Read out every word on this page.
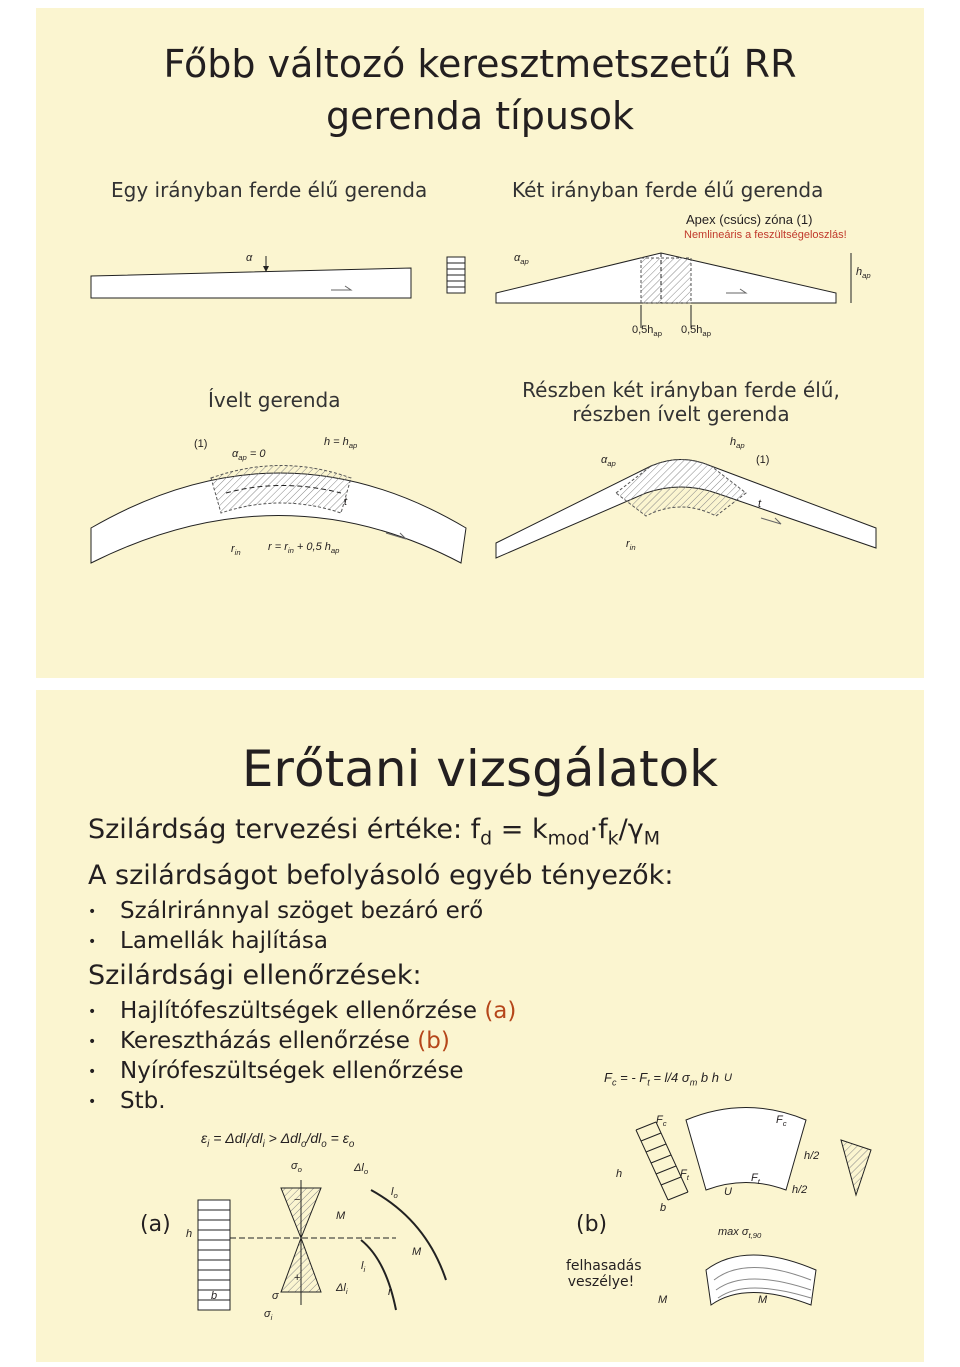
Főbb változó keresztmetszetű RR
gerenda típusok
Egy irányban ferde élű gerenda	Két irányban ferde élű gerenda
Apex (csúcs) zóna (1)
Nemlineáris a feszültségeloszlás!
α	$\alpha_{ap}$
$h_{ap}$
$0,5h_{ap}$ $0,5h_{ap}$
Ívelt gerenda	Részben két irányban ferde élű,
részben ívelt gerenda
(1)
$\alpha_{ap} = 0$
$h = h_{ap}$
$r_{in}$ $r = r_{in} + 0,5$ $h_{ap}$
t
$\alpha_{ap}$
$h_{ap}$
(1)
$r_{in}$
t
Erőtani vizsgálatok
Szilárdság tervezési értéke: $f_d = k_{mod}\cdot f_k/\gamma_M$
A szilárdságot befolyásoló egyéb tényezők:
• Szálriránnyal szöget bezáró erő
• Lamellák hajlítása
Szilárdsági ellenőrzések:
• Hajlítófeszültségek ellenőrzése (a)
• Keresztházás ellenőrzése (b)
• Nyírófeszültségek ellenőrzése
• Stb.
$\varepsilon_i = \Delta dl_i/dl_i > \Delta dl_o/dl_o = \varepsilon_o$
(a)	(b)
$\sigma_o$
+
−
σ
$\sigma_i$
h
b
M
M
$\Delta l_o$
$\Delta l_i$
$l_o$
$l_i$
r
$F_c$ = - $F_t = l/4$ $\sigma_m$ b h U
$F_c$	$F_c$
$F_t$	$F_t$
U
h
b
h/2
h/2
$\max \sigma_{t,90}$
M	M
felhasadás
veszélye!
